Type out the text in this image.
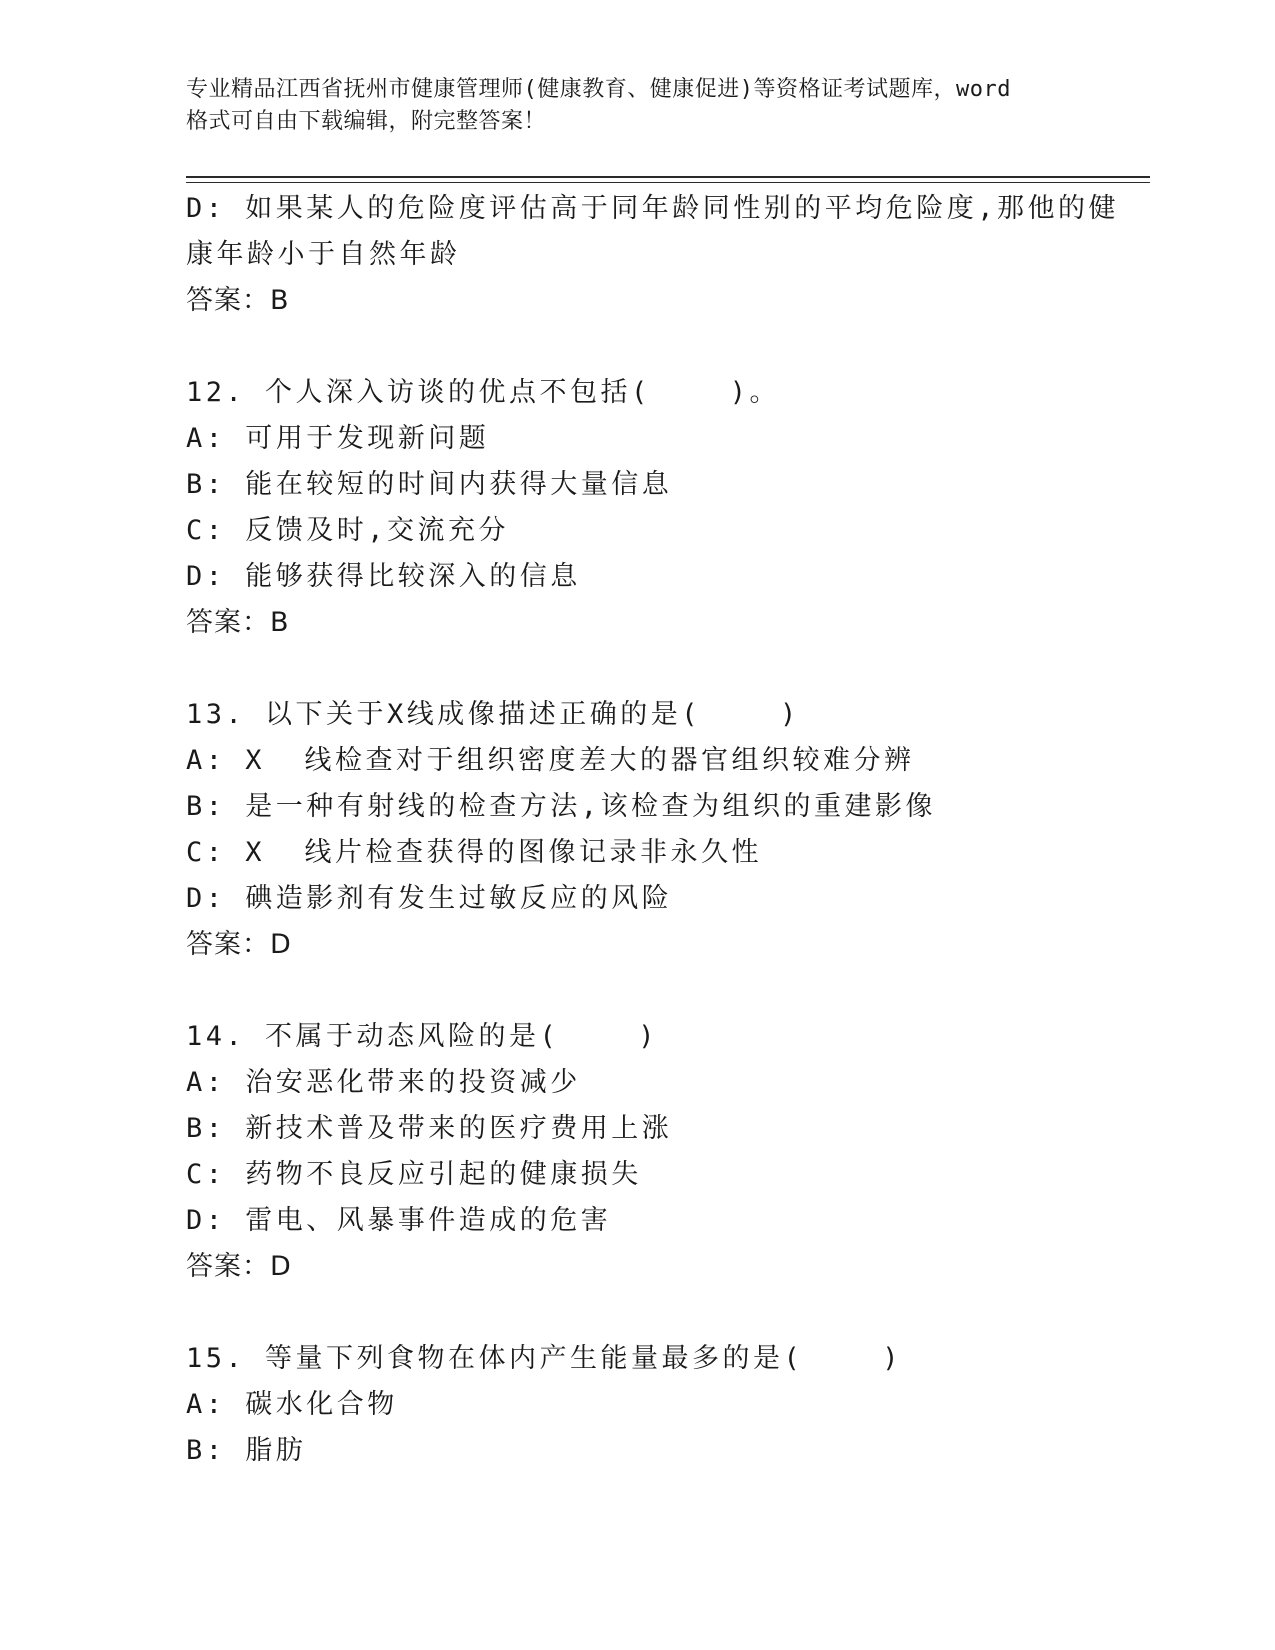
专业精品江西省抚州市健康管理师(健康教育、健康促进)等资格证考试题库，word
格式可自由下载编辑，附完整答案！

D: 如果某人的危险度评估高于同年龄同性别的平均危险度,那他的健

康年龄小于自然年龄

答案：B

12. 个人深入访谈的优点不包括(    )。

A: 可用于发现新问题

B: 能在较短的时间内获得大量信息

C: 反馈及时,交流充分

D: 能够获得比较深入的信息

答案：B

13. 以下关于X线成像描述正确的是(    )

A: X  线检查对于组织密度差大的器官组织较难分辨

B: 是一种有射线的检查方法,该检查为组织的重建影像

C: X  线片检查获得的图像记录非永久性

D: 碘造影剂有发生过敏反应的风险

答案：D

14. 不属于动态风险的是(    )

A: 治安恶化带来的投资减少

B: 新技术普及带来的医疗费用上涨

C: 药物不良反应引起的健康损失

D: 雷电、风暴事件造成的危害

答案：D

15. 等量下列食物在体内产生能量最多的是(    )

A: 碳水化合物

B: 脂肪
